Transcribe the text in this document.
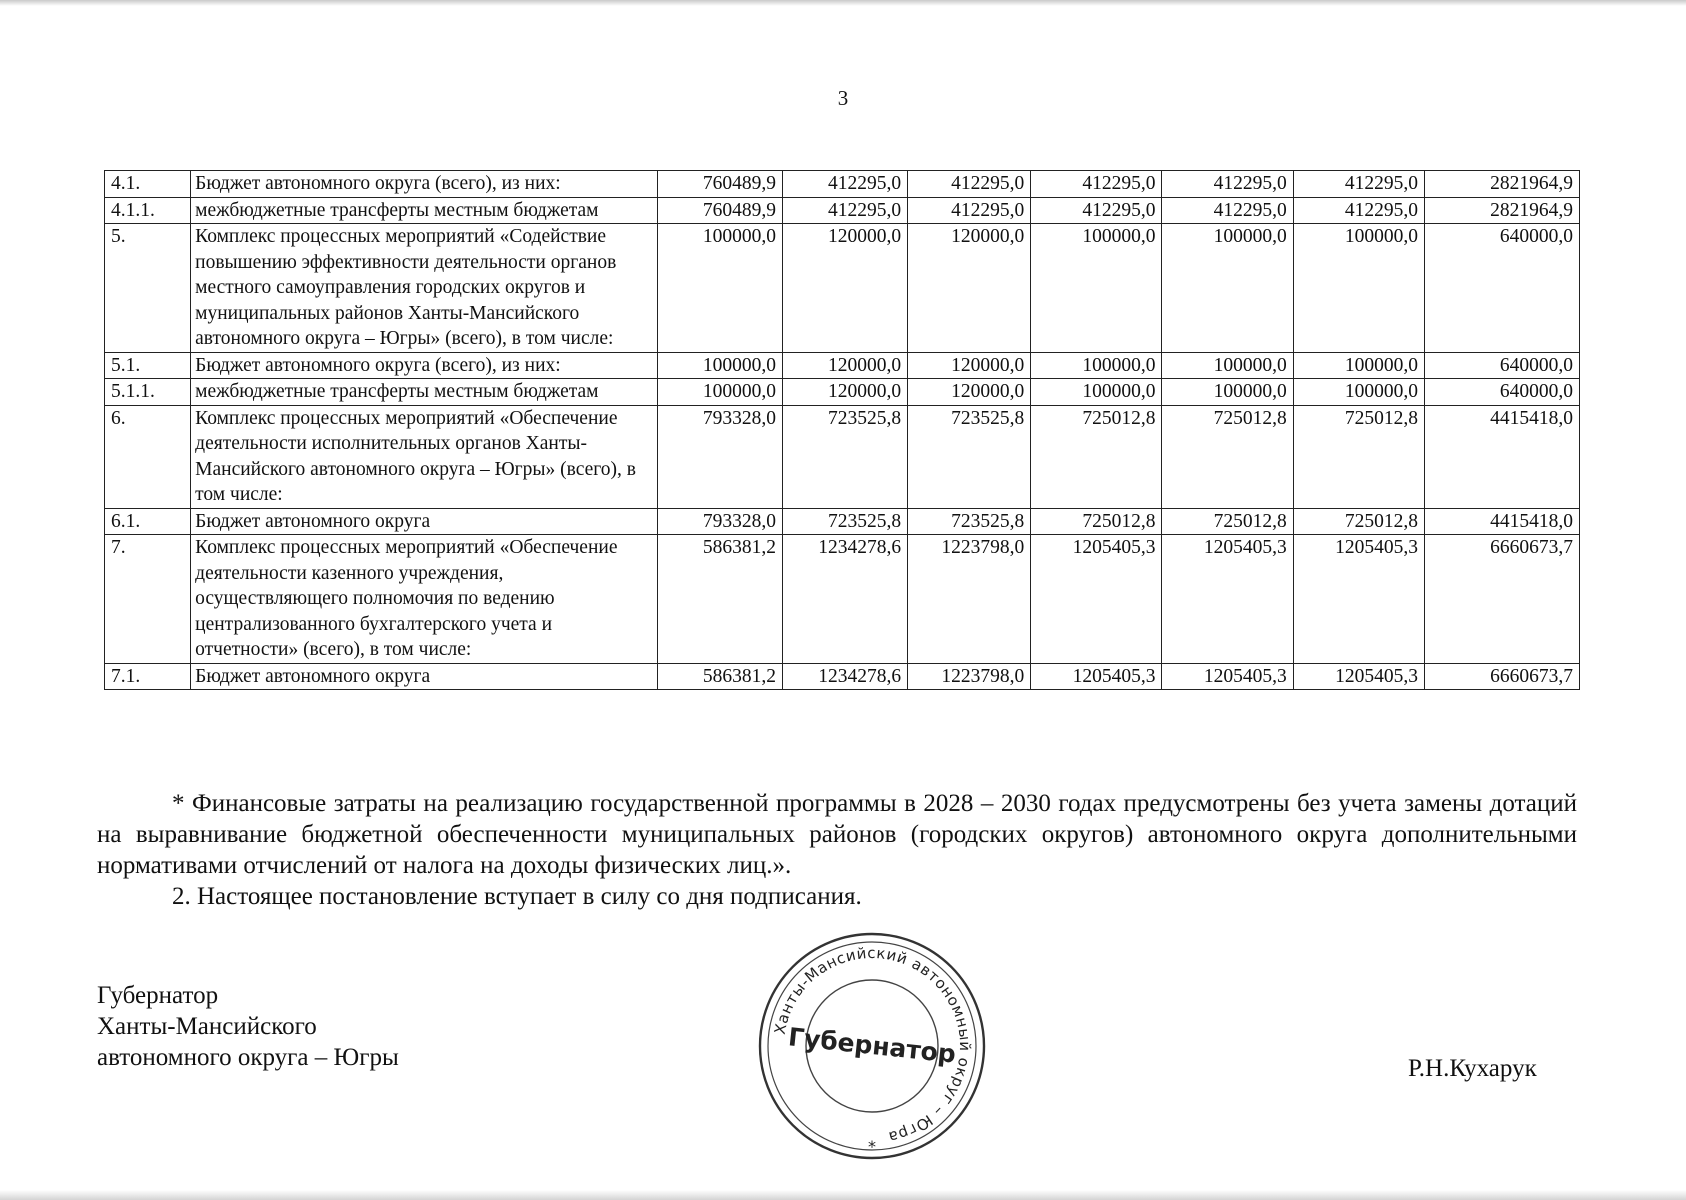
3
4.1.	Бюджет автономного округа (всего), из них:	760489,9	412295,0	412295,0	412295,0	412295,0	412295,0	2821964,9
4.1.1.	межбюджетные трансферты местным бюджетам	760489,9	412295,0	412295,0	412295,0	412295,0	412295,0	2821964,9
5.	Комплекс процессных мероприятий «Содействие повышению эффективности деятельности органов местного самоуправления городских округов и муниципальных районов Ханты-Мансийского автономного округа – Югры» (всего), в том числе:	100000,0	120000,0	120000,0	100000,0	100000,0	100000,0	640000,0
5.1.	Бюджет автономного округа (всего), из них:	100000,0	120000,0	120000,0	100000,0	100000,0	100000,0	640000,0
5.1.1.	межбюджетные трансферты местным бюджетам	100000,0	120000,0	120000,0	100000,0	100000,0	100000,0	640000,0
6.	Комплекс процессных мероприятий «Обеспечение деятельности исполнительных органов Ханты-Мансийского автономного округа – Югры» (всего), в том числе:	793328,0	723525,8	723525,8	725012,8	725012,8	725012,8	4415418,0
6.1.	Бюджет автономного округа	793328,0	723525,8	723525,8	725012,8	725012,8	725012,8	4415418,0
7.	Комплекс процессных мероприятий «Обеспечение деятельности казенного учреждения, осуществляющего полномочия по ведению централизованного бухгалтерского учета и отчетности» (всего), в том числе:	586381,2	1234278,6	1223798,0	1205405,3	1205405,3	1205405,3	6660673,7
7.1.	Бюджет автономного округа	586381,2	1234278,6	1223798,0	1205405,3	1205405,3	1205405,3	6660673,7

* Финансовые затраты на реализацию государственной программы в 2028 – 2030 годах предусмотрены без учета замены дотаций на выравнивание бюджетной обеспеченности муниципальных районов (городских округов) автономного округа дополнительными нормативами отчислений от налога на доходы физических лиц.».

2. Настоящее постановление вступает в силу со дня подписания.

Губернатор
Ханты-Мансийского
автономного округа – Югры	Р.Н.Кухарук
Ханты-Мансийский автономный округ – Югра
Губернатор
*
